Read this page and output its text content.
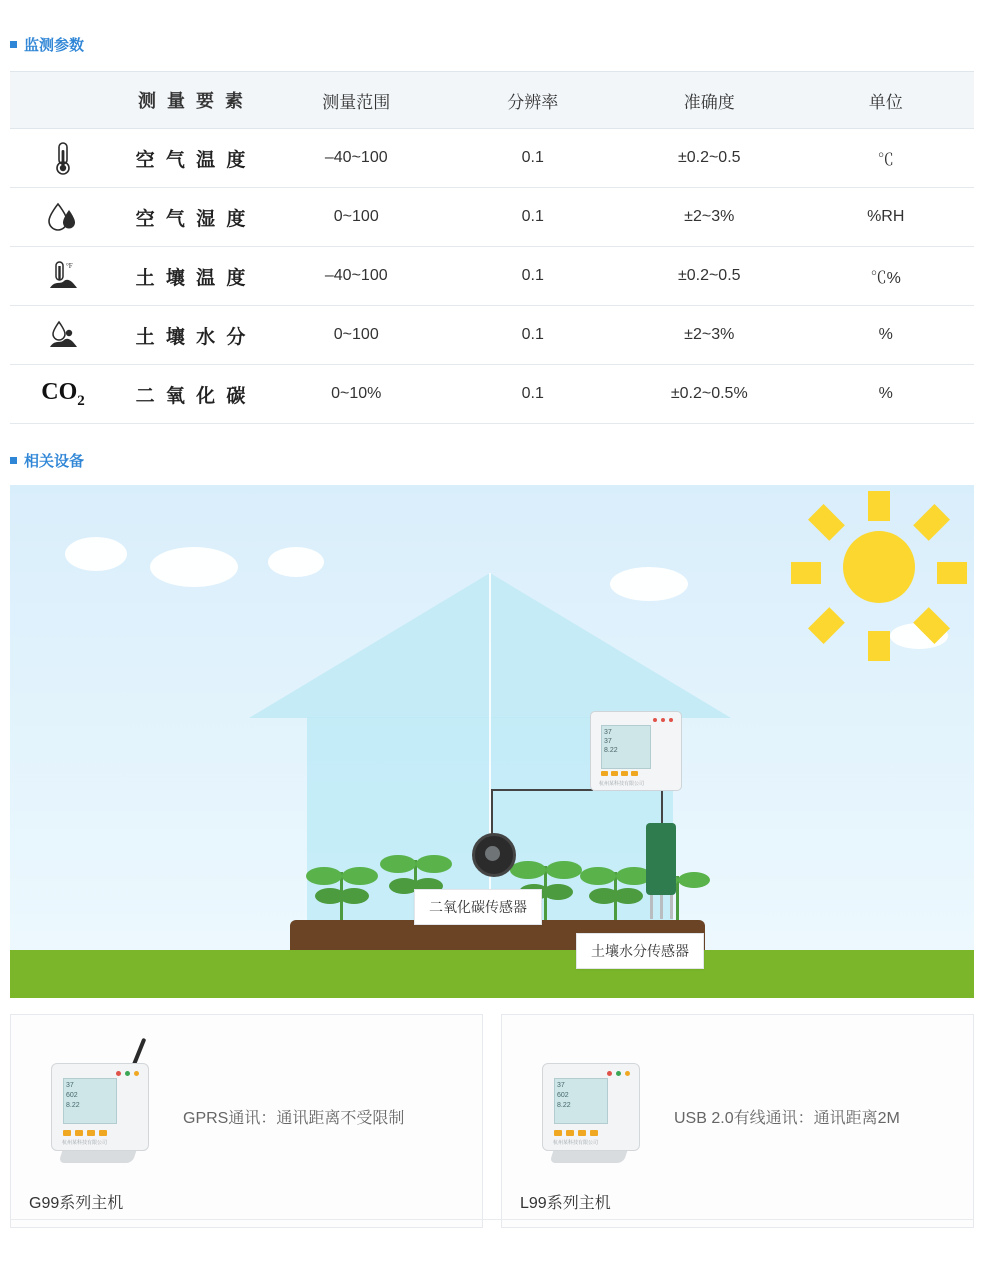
监测参数
	测 量 要 素	测量范围	分辨率	准确度	单位

	空 气 温 度	–40~100	0.1	±0.2~0.5	℃

	空 气 湿 度	0~100	0.1	±2~3%	%RH

°F	土 壤 温 度	–40~100	0.1	±0.2~0.5	℃%

	土 壤 水 分	0~100	0.1	±2~3%	%
$CO_2$	二 氧 化 碳	0~10%	0.1	±0.2~0.5%	%
相关设备
37
37
8.22
杭州某科技有限公司
二氧化碳传感器
土壤水分传感器
37
602
8.22
杭州某科技有限公司
GPRS通讯：通讯距离不受限制
G99系列主机
37
602
8.22
杭州某科技有限公司
USB 2.0有线通讯：通讯距离2M
L99系列主机
